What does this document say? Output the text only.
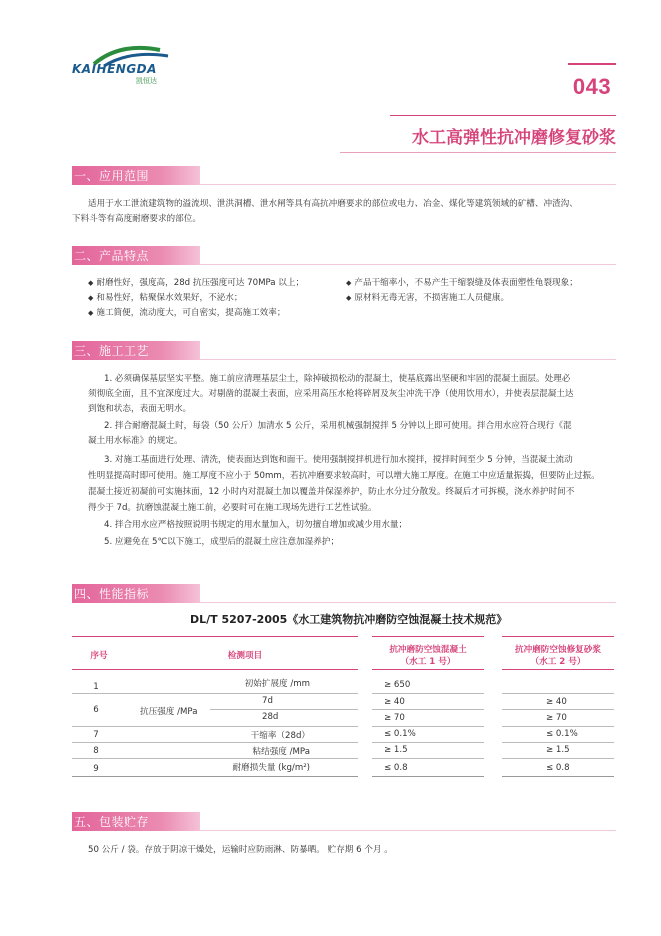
KAIHENGDA
凯恒达	043
水工高弹性抗冲磨修复砂浆
一、应用范围
适用于水工泄流建筑物的溢流坝、泄洪洞槽、泄水闸等具有高抗冲磨要求的部位或电力、冶金、煤化等建筑领域的矿槽、冲渣沟、
下料斗等有高度耐磨要求的部位。
二、产品特点
◆ 耐磨性好，强度高，28d 抗压强度可达 70MPa 以上；
◆ 和易性好，粘聚保水效果好，不泌水；
◆ 施工简便，流动度大，可自密实，提高施工效率；
◆ 产品干缩率小，不易产生干缩裂缝及体表面塑性龟裂现象；
◆ 原材料无毒无害，不损害施工人员健康。
三、施工工艺
1. 必须确保基层坚实平整。施工前应清理基层尘土，除掉破损松动的混凝土，使基底露出坚硬和牢固的混凝土面层。处理必
须彻底全面，且不宜深度过大。对剔凿的混凝土表面，应采用高压水枪将碎屑及灰尘冲洗干净（使用饮用水），并使表层混凝土达
到饱和状态，表面无明水。
2. 拌合耐磨混凝土时，每袋（50 公斤）加清水 5 公斤，采用机械强制搅拌 5 分钟以上即可使用。拌合用水应符合现行《混
凝土用水标准》的规定。
3. 对施工基面进行处理、清洗，使表面达到饱和面干。使用强制搅拌机进行加水搅拌，搅拌时间至少 5 分钟，当混凝土流动
性明显提高时即可使用。施工厚度不应小于 50mm，若抗冲磨要求较高时，可以增大施工厚度。在施工中应适量振捣，但要防止过振。
混凝土接近初凝前可实施抹面，12 小时内对混凝土加以覆盖并保湿养护，防止水分过分散发。终凝后才可拆模，浇水养护时间不
得少于 7d。抗磨蚀混凝土施工前，必要时可在施工现场先进行工艺性试验。
4. 拌合用水应严格按照说明书规定的用水量加入，切勿擅自增加或减少用水量；
5. 应避免在 5℃以下施工，成型后的混凝土应注意加湿养护；
四、性能指标
DL/T 5207-2005《水工建筑物抗冲磨防空蚀混凝土技术规范》
序号	检测项目
抗冲磨防空蚀混凝土
（水工 1 号）
抗冲磨防空蚀修复砂浆
（水工 2 号）
1	初始扩展度 /mm	≥ 650
6	抗压强度 /MPa
7d	≥ 40	≥ 40
28d	≥ 70	≥ 70
7	干缩率（28d）	≤ 0.1%	≤ 0.1%
8	粘结强度 /MPa	≥ 1.5	≥ 1.5
9	耐磨损失量 (kg/m²)	≤ 0.8	≤ 0.8
五、包装贮存
50 公斤 / 袋。存放于阴凉干燥处，运输时应防雨淋、防暴晒。 贮存期 6 个月 。
